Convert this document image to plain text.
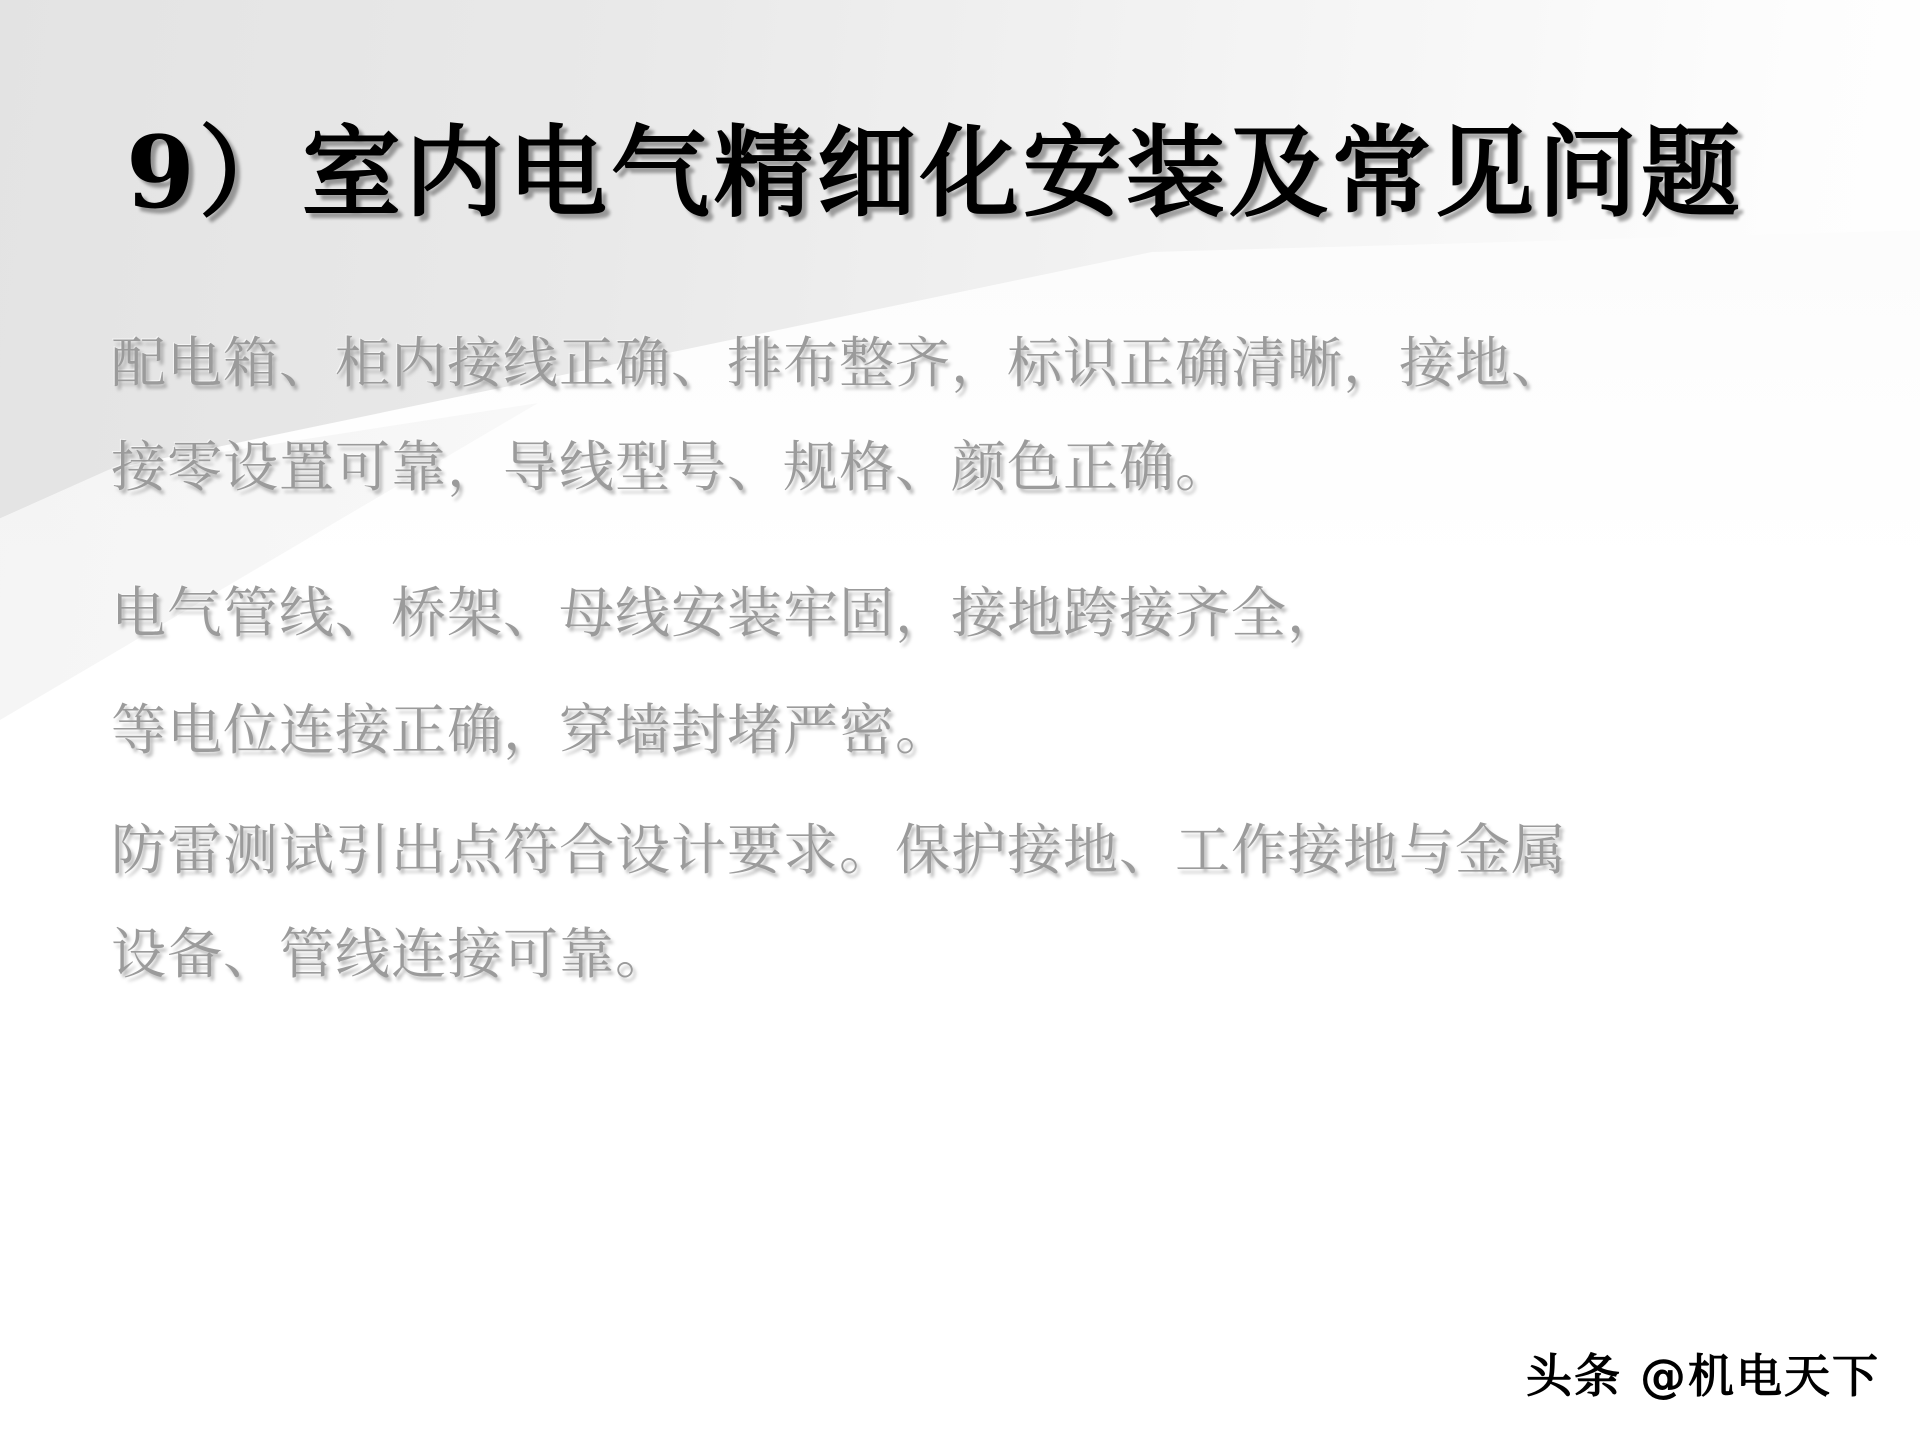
9）室内电气精细化安装及常见问题

配电箱、柜内接线正确、排布整齐，标识正确清晰，接地、
接零设置可靠，导线型号、规格、颜色正确。

电气管线、桥架、母线安装牢固，接地跨接齐全，

等电位连接正确，穿墙封堵严密。

防雷测试引出点符合设计要求。保护接地、工作接地与金属
设备、管线连接可靠。

头条 @机电天下
